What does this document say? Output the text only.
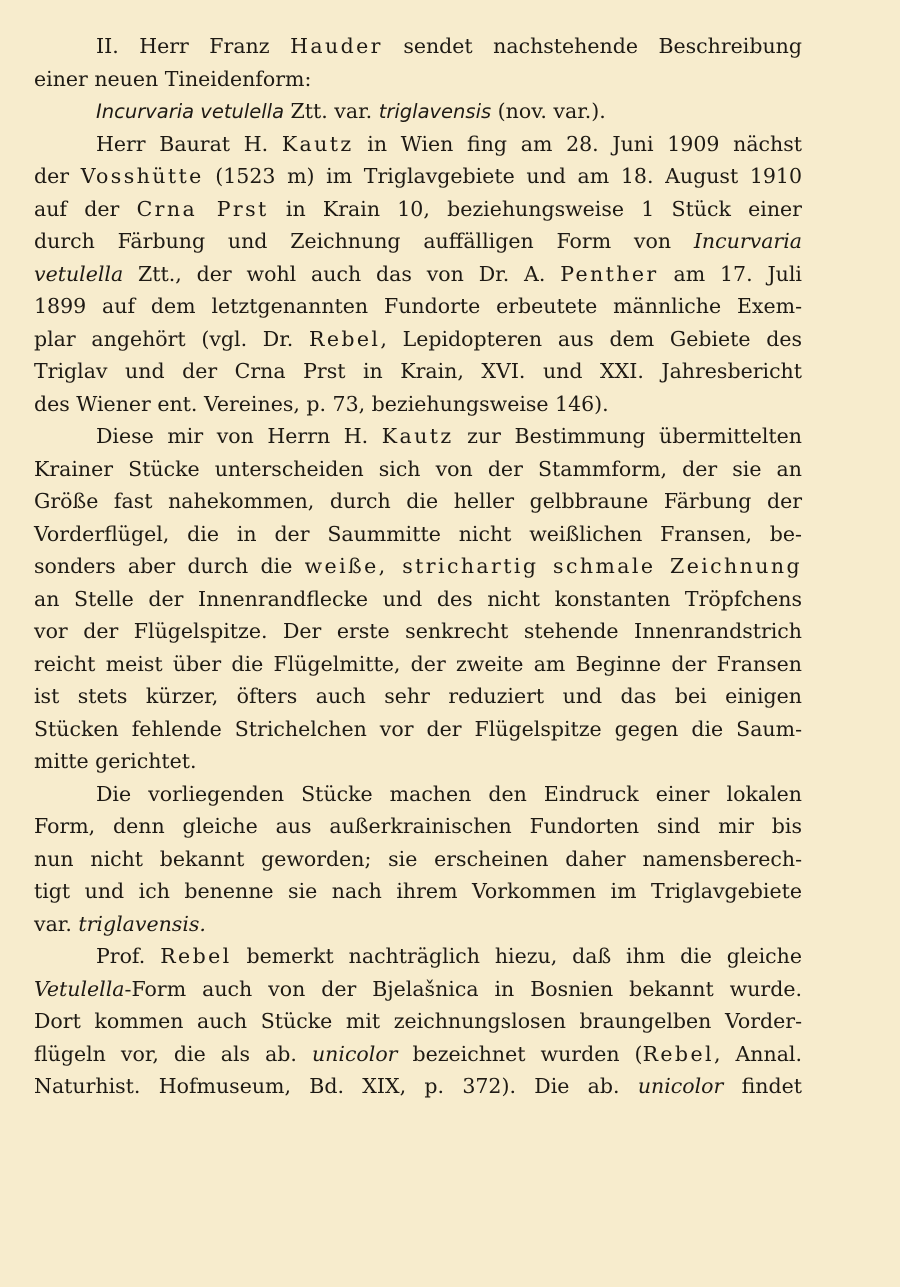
II. Herr Franz Hauder sendet nachstehende Beschreibung
einer neuen Tineidenform:
Incurvaria vetulella Ztt. var. triglavensis (nov. var.).
Herr Baurat H. Kautz in Wien fing am 28. Juni 1909 nächst
der Vosshütte (1523 m) im Triglavgebiete und am 18. August 1910
auf der Crna Prst in Krain 10, beziehungsweise 1 Stück einer
durch Färbung und Zeichnung auffälligen Form von Incurvaria
vetulella Ztt., der wohl auch das von Dr. A. Penther am 17. Juli
1899 auf dem letztgenannten Fundorte erbeutete männliche Exem-
plar angehört (vgl. Dr. Rebel, Lepidopteren aus dem Gebiete des
Triglav und der Crna Prst in Krain, XVI. und XXI. Jahresbericht
des Wiener ent. Vereines, p. 73, beziehungsweise 146).
Diese mir von Herrn H. Kautz zur Bestimmung übermittelten
Krainer Stücke unterscheiden sich von der Stammform, der sie an
Größe fast nahekommen, durch die heller gelbbraune Färbung der
Vorderflügel, die in der Saummitte nicht weißlichen Fransen, be-
sonders aber durch die weiße, strichartig schmale Zeichnung
an Stelle der Innenrandflecke und des nicht konstanten Tröpfchens
vor der Flügelspitze. Der erste senkrecht stehende Innenrandstrich
reicht meist über die Flügelmitte, der zweite am Beginne der Fransen
ist stets kürzer, öfters auch sehr reduziert und das bei einigen
Stücken fehlende Strichelchen vor der Flügelspitze gegen die Saum-
mitte gerichtet.
Die vorliegenden Stücke machen den Eindruck einer lokalen
Form, denn gleiche aus außerkrainischen Fundorten sind mir bis
nun nicht bekannt geworden; sie erscheinen daher namensberech-
tigt und ich benenne sie nach ihrem Vorkommen im Triglavgebiete
var. triglavensis.
Prof. Rebel bemerkt nachträglich hiezu, daß ihm die gleiche
Vetulella-Form auch von der Bjelašnica in Bosnien bekannt wurde.
Dort kommen auch Stücke mit zeichnungslosen braungelben Vorder-
flügeln vor, die als ab. unicolor bezeichnet wurden (Rebel, Annal.
Naturhist. Hofmuseum, Bd. XIX, p. 372). Die ab. unicolor findet
